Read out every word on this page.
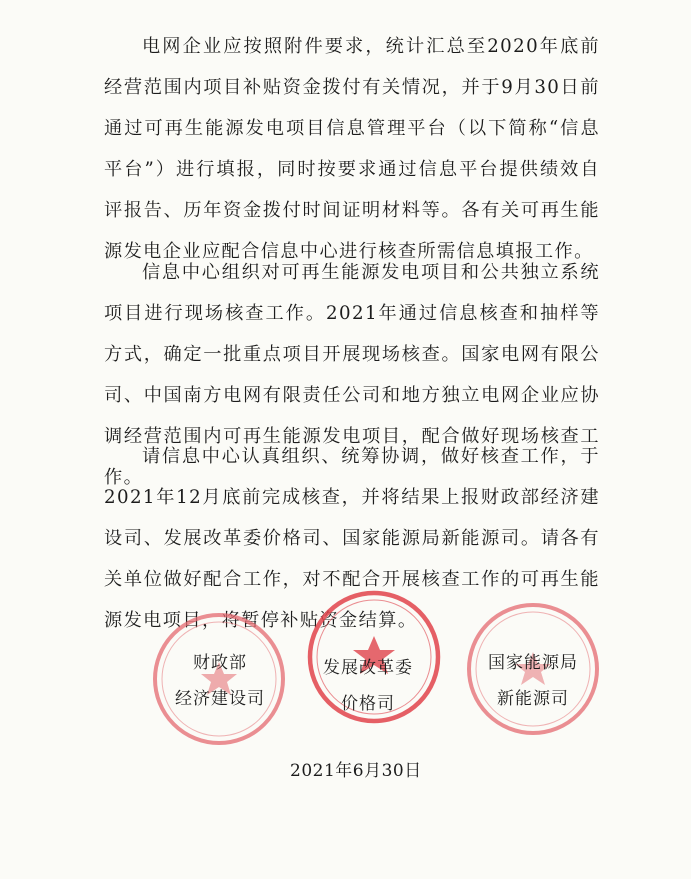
电网企业应按照附件要求，统计汇总至2020年底前经营范围内项目补贴资金拨付有关情况，并于9月30日前通过可再生能源发电项目信息管理平台（以下简称“信息平台”）进行填报，同时按要求通过信息平台提供绩效自评报告、历年资金拨付时间证明材料等。各有关可再生能源发电企业应配合信息中心进行核查所需信息填报工作。

信息中心组织对可再生能源发电项目和公共独立系统项目进行现场核查工作。2021年通过信息核查和抽样等方式，确定一批重点项目开展现场核查。国家电网有限公司、中国南方电网有限责任公司和地方独立电网企业应协调经营范围内可再生能源发电项目，配合做好现场核查工作。

请信息中心认真组织、统筹协调，做好核查工作，于2021年12月底前完成核查，并将结果上报财政部经济建设司、发展改革委价格司、国家能源局新能源司。请各有关单位做好配合工作，对不配合开展核查工作的可再生能源发电项目，将暂停补贴资金结算。

财政部
经济建设司
发展改革委
价格司
国家能源局
新能源司
2021年6月30日
